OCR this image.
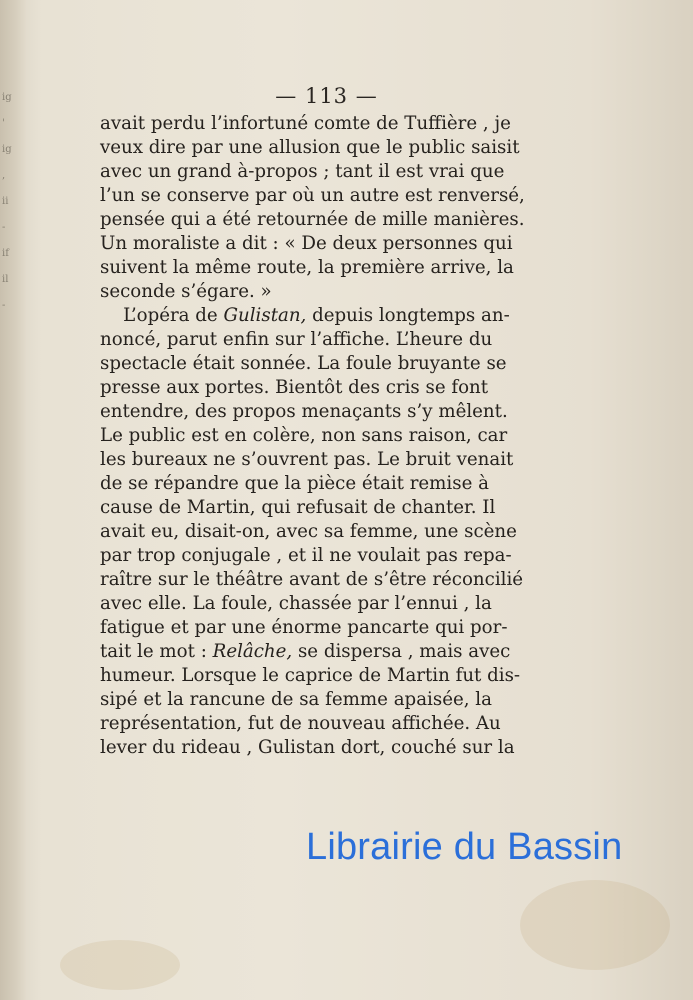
ig
'
ig
,
ii
-
if
il
-
— 113 —
avait perdu l’infortuné comte de Tuffière , je
veux dire par une allusion que le public saisit
avec un grand à-propos ; tant il est vrai que
l’un se conserve par où un autre est renversé,
pensée qui a été retournée de mille manières.
Un moraliste a dit : « De deux personnes qui
suivent la même route, la première arrive, la
seconde s’égare. »
L’opéra de Gulistan, depuis longtemps an-
noncé, parut enfin sur l’affiche. L’heure du
spectacle était sonnée. La foule bruyante se
presse aux portes. Bientôt des cris se font
entendre, des propos menaçants s’y mêlent.
Le public est en colère, non sans raison, car
les bureaux ne s’ouvrent pas. Le bruit venait
de se répandre que la pièce était remise à
cause de Martin, qui refusait de chanter. Il
avait eu, disait-on, avec sa femme, une scène
par trop conjugale , et il ne voulait pas repa-
raître sur le théâtre avant de s’être réconcilié
avec elle. La foule, chassée par l’ennui , la
fatigue et par une énorme pancarte qui por-
tait le mot : Relâche, se dispersa , mais avec
humeur. Lorsque le caprice de Martin fut dis-
sipé et la rancune de sa femme apaisée, la
représentation, fut de nouveau affichée. Au
lever du rideau , Gulistan dort, couché sur la
Librairie du Bassin
